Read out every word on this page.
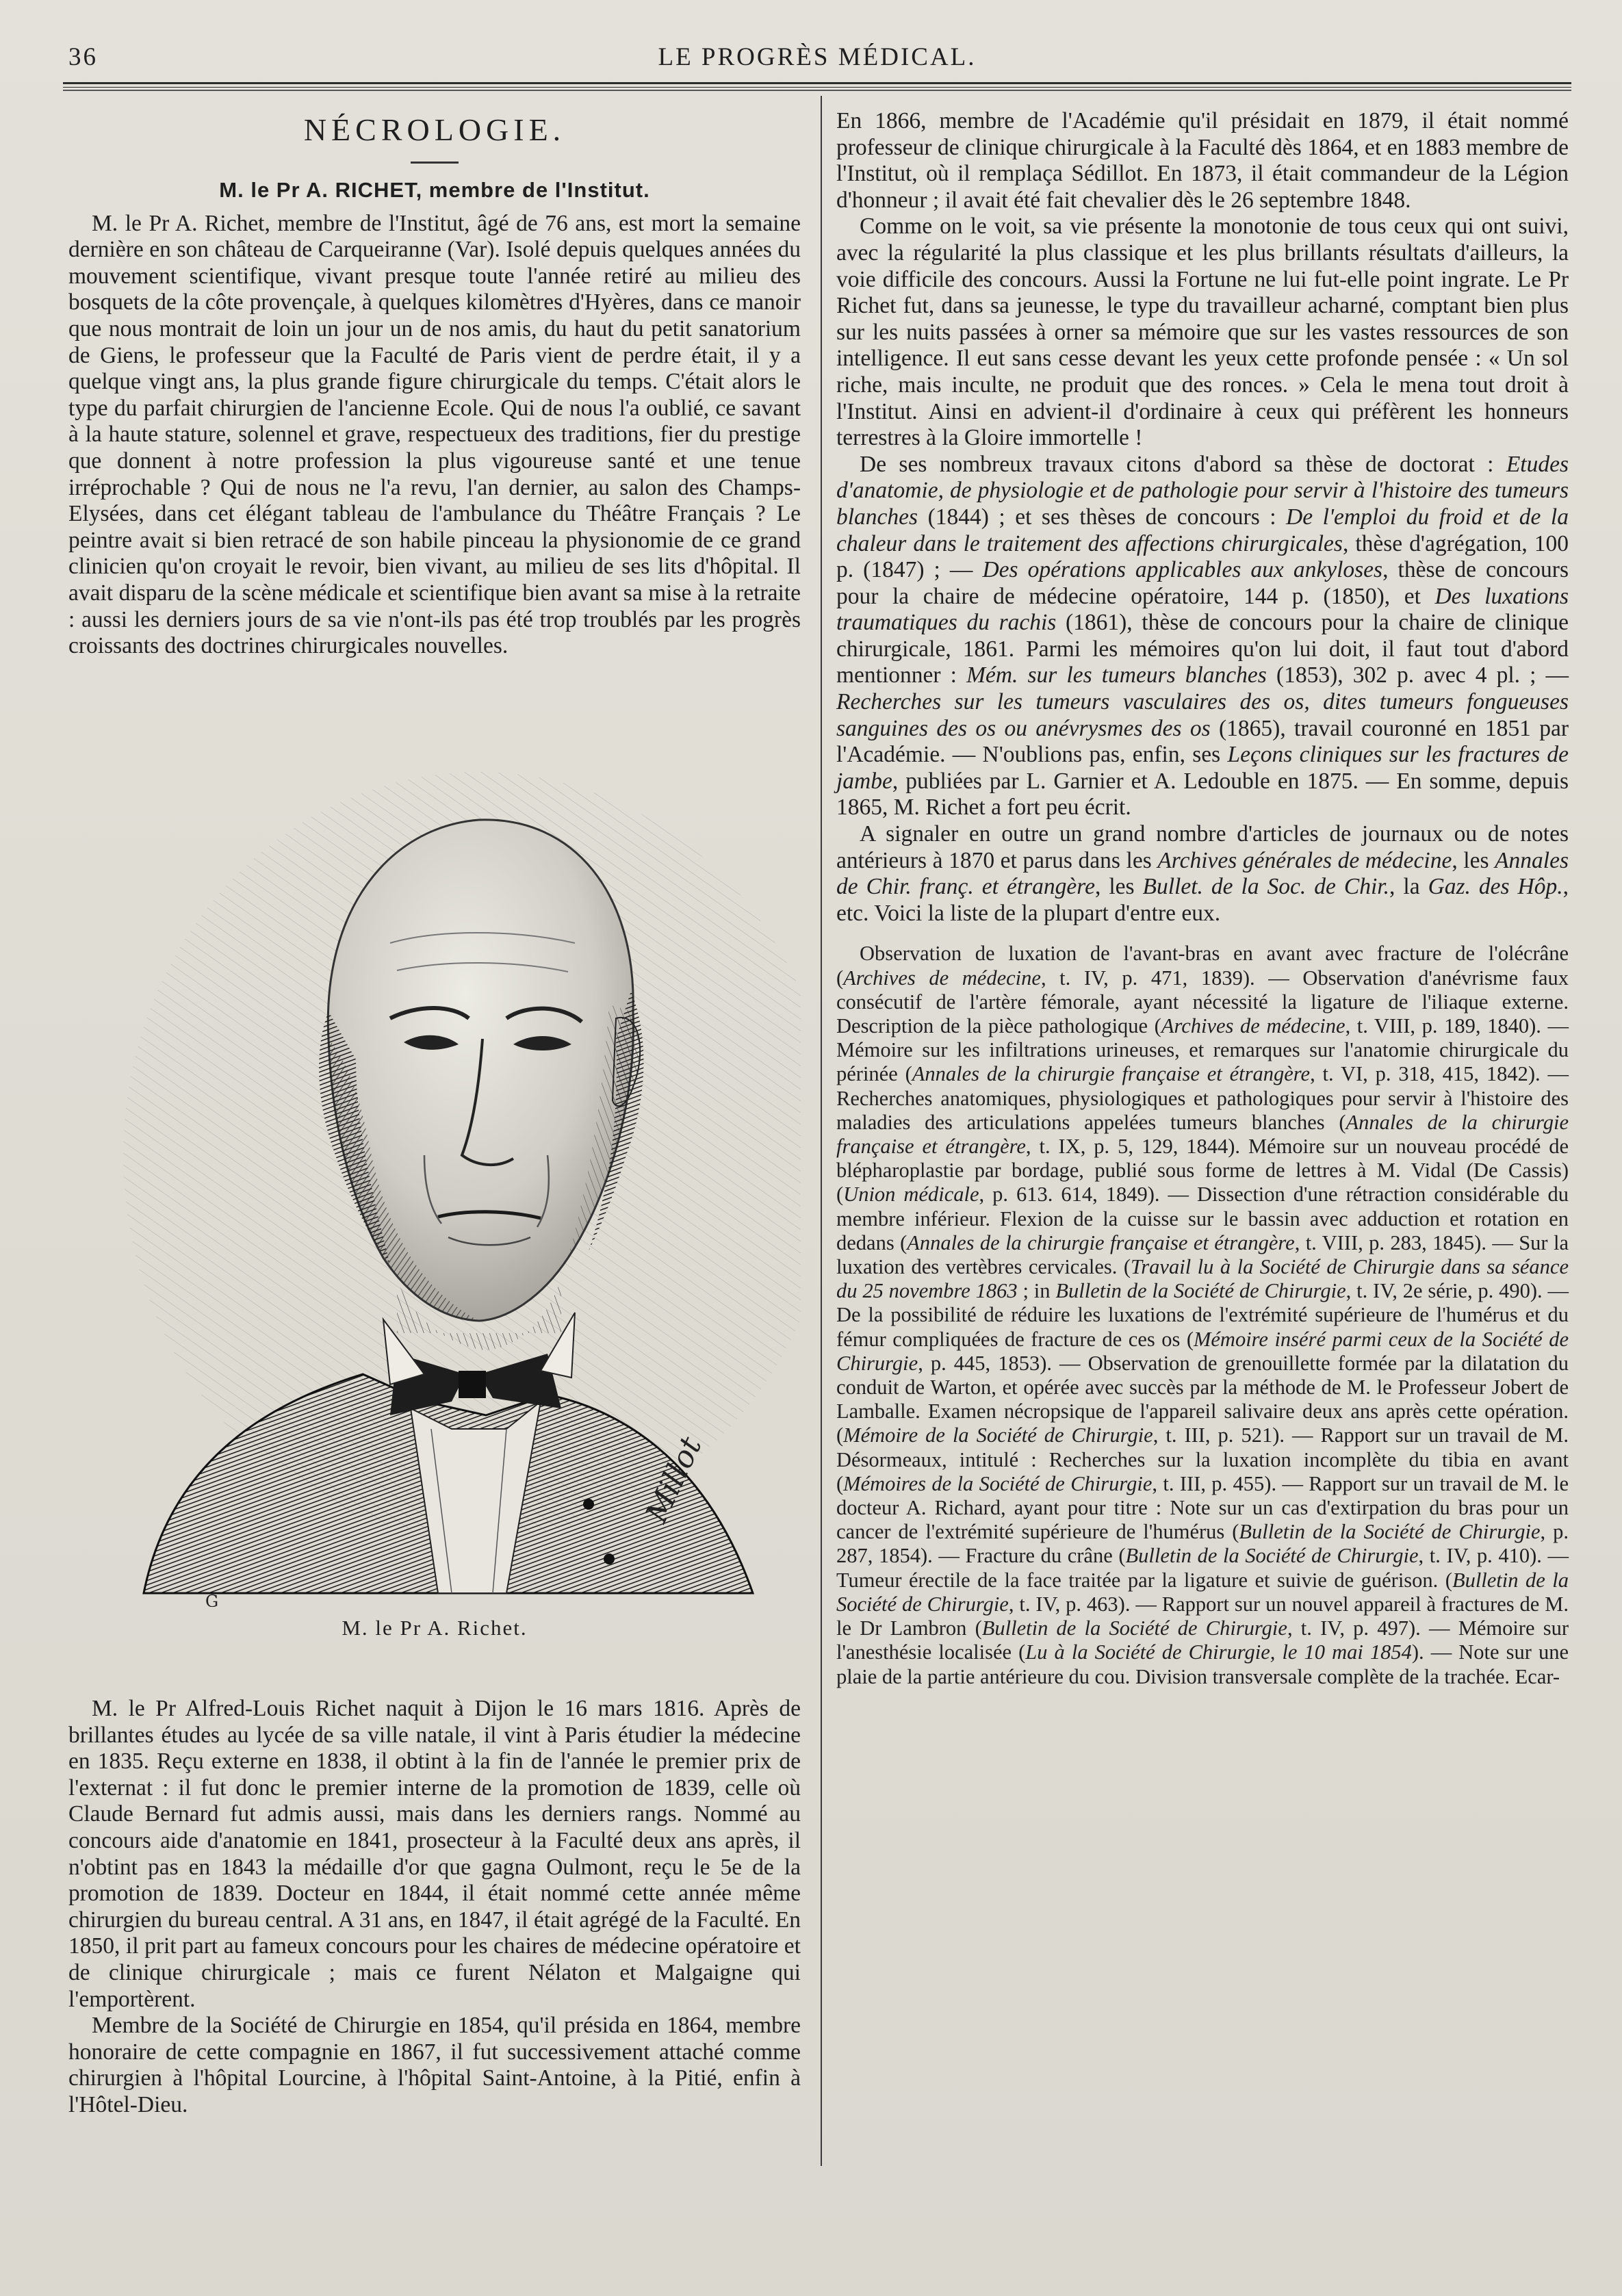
36	LE PROGRÈS MÉDICAL.
NÉCROLOGIE.
M. le Pr A. RICHET, membre de l'Institut.

M. le Pr A. Richet, membre de l'Institut, âgé de 76 ans, est mort la semaine dernière en son château de Carqueiranne (Var). Isolé depuis quelques années du mouvement scientifique, vivant presque toute l'année retiré au milieu des bosquets de la côte provençale, à quelques kilomètres d'Hyères, dans ce manoir que nous montrait de loin un jour un de nos amis, du haut du petit sanatorium de Giens, le professeur que la Faculté de Paris vient de perdre était, il y a quelque vingt ans, la plus grande figure chirurgicale du temps. C'était alors le type du parfait chirurgien de l'ancienne Ecole. Qui de nous l'a oublié, ce savant à la haute stature, solennel et grave, respectueux des traditions, fier du prestige que donnent à notre profession la plus vigoureuse santé et une tenue irréprochable ? Qui de nous ne l'a revu, l'an dernier, au salon des Champs-Elysées, dans cet élégant tableau de l'ambulance du Théâtre Français ? Le peintre avait si bien retracé de son habile pinceau la physionomie de ce grand clinicien qu'on croyait le revoir, bien vivant, au milieu de ses lits d'hôpital. Il avait disparu de la scène médicale et scientifique bien avant sa mise à la retraite : aussi les derniers jours de sa vie n'ont-ils pas été trop troublés par les progrès croissants des doctrines chirurgicales nouvelles.

Millot
G
M. le Pr A. Richet.

M. le Pr Alfred-Louis Richet naquit à Dijon le 16 mars 1816. Après de brillantes études au lycée de sa ville natale, il vint à Paris étudier la médecine en 1835. Reçu externe en 1838, il obtint à la fin de l'année le premier prix de l'externat : il fut donc le premier interne de la promotion de 1839, celle où Claude Bernard fut admis aussi, mais dans les derniers rangs. Nommé au concours aide d'anatomie en 1841, prosecteur à la Faculté deux ans après, il n'obtint pas en 1843 la médaille d'or que gagna Oulmont, reçu le 5e de la promotion de 1839. Docteur en 1844, il était nommé cette année même chirurgien du bureau central. A 31 ans, en 1847, il était agrégé de la Faculté. En 1850, il prit part au fameux concours pour les chaires de médecine opératoire et de clinique chirurgicale ; mais ce furent Nélaton et Malgaigne qui l'emportèrent.

Membre de la Société de Chirurgie en 1854, qu'il présida en 1864, membre honoraire de cette compagnie en 1867, il fut successivement attaché comme chirurgien à l'hôpital Lourcine, à l'hôpital Saint-Antoine, à la Pitié, enfin à l'Hôtel-Dieu.

En 1866, membre de l'Académie qu'il présidait en 1879, il était nommé professeur de clinique chirurgicale à la Faculté dès 1864, et en 1883 membre de l'Institut, où il remplaça Sédillot. En 1873, il était commandeur de la Légion d'honneur ; il avait été fait chevalier dès le 26 septembre 1848.

Comme on le voit, sa vie présente la monotonie de tous ceux qui ont suivi, avec la régularité la plus classique et les plus brillants résultats d'ailleurs, la voie difficile des concours. Aussi la Fortune ne lui fut-elle point ingrate. Le Pr Richet fut, dans sa jeunesse, le type du travailleur acharné, comptant bien plus sur les nuits passées à orner sa mémoire que sur les vastes ressources de son intelligence. Il eut sans cesse devant les yeux cette profonde pensée : « Un sol riche, mais inculte, ne produit que des ronces. » Cela le mena tout droit à l'Institut. Ainsi en advient-il d'ordinaire à ceux qui préfèrent les honneurs terrestres à la Gloire immortelle !

De ses nombreux travaux citons d'abord sa thèse de doctorat : Etudes d'anatomie, de physiologie et de pathologie pour servir à l'histoire des tumeurs blanches (1844) ; et ses thèses de concours : De l'emploi du froid et de la chaleur dans le traitement des affections chirurgicales, thèse d'agrégation, 100 p. (1847) ; — Des opérations applicables aux ankyloses, thèse de concours pour la chaire de médecine opératoire, 144 p. (1850), et Des luxations traumatiques du rachis (1861), thèse de concours pour la chaire de clinique chirurgicale, 1861. Parmi les mémoires qu'on lui doit, il faut tout d'abord mentionner : Mém. sur les tumeurs blanches (1853), 302 p. avec 4 pl. ; — Recherches sur les tumeurs vasculaires des os, dites tumeurs fongueuses sanguines des os ou anévrysmes des os (1865), travail couronné en 1851 par l'Académie. — N'oublions pas, enfin, ses Leçons cliniques sur les fractures de jambe, publiées par L. Garnier et A. Ledouble en 1875. — En somme, depuis 1865, M. Richet a fort peu écrit.

A signaler en outre un grand nombre d'articles de journaux ou de notes antérieurs à 1870 et parus dans les Archives générales de médecine, les Annales de Chir. franç. et étrangère, les Bullet. de la Soc. de Chir., la Gaz. des Hôp., etc. Voici la liste de la plupart d'entre eux.

Observation de luxation de l'avant-bras en avant avec fracture de l'olécrâne (Archives de médecine, t. IV, p. 471, 1839). — Observation d'anévrisme faux consécutif de l'artère fémorale, ayant nécessité la ligature de l'iliaque externe. Description de la pièce pathologique (Archives de médecine, t. VIII, p. 189, 1840). — Mémoire sur les infiltrations urineuses, et remarques sur l'anatomie chirurgicale du périnée (Annales de la chirurgie française et étrangère, t. VI, p. 318, 415, 1842). — Recherches anatomiques, physiologiques et pathologiques pour servir à l'histoire des maladies des articulations appelées tumeurs blanches (Annales de la chirurgie française et étrangère, t. IX, p. 5, 129, 1844). Mémoire sur un nouveau procédé de blépharoplastie par bordage, publié sous forme de lettres à M. Vidal (De Cassis) (Union médicale, p. 613. 614, 1849). — Dissection d'une rétraction considérable du membre inférieur. Flexion de la cuisse sur le bassin avec adduction et rotation en dedans (Annales de la chirurgie française et étrangère, t. VIII, p. 283, 1845). — Sur la luxation des vertèbres cervicales. (Travail lu à la Société de Chirurgie dans sa séance du 25 novembre 1863 ; in Bulletin de la Société de Chirurgie, t. IV, 2e série, p. 490). — De la possibilité de réduire les luxations de l'extrémité supérieure de l'humérus et du fémur compliquées de fracture de ces os (Mémoire inséré parmi ceux de la Société de Chirurgie, p. 445, 1853). — Observation de grenouillette formée par la dilatation du conduit de Warton, et opérée avec succès par la méthode de M. le Professeur Jobert de Lamballe. Examen nécropsique de l'appareil salivaire deux ans après cette opération. (Mémoire de la Société de Chirurgie, t. III, p. 521). — Rapport sur un travail de M. Désormeaux, intitulé : Recherches sur la luxation incomplète du tibia en avant (Mémoires de la Société de Chirurgie, t. III, p. 455). — Rapport sur un travail de M. le docteur A. Richard, ayant pour titre : Note sur un cas d'extirpation du bras pour un cancer de l'extrémité supérieure de l'humérus (Bulletin de la Société de Chirurgie, p. 287, 1854). — Fracture du crâne (Bulletin de la Société de Chirurgie, t. IV, p. 410). — Tumeur érectile de la face traitée par la ligature et suivie de guérison. (Bulletin de la Société de Chirurgie, t. IV, p. 463). — Rapport sur un nouvel appareil à fractures de M. le Dr Lambron (Bulletin de la Société de Chirurgie, t. IV, p. 497). — Mémoire sur l'anesthésie localisée (Lu à la Société de Chirurgie, le 10 mai 1854). — Note sur une plaie de la partie antérieure du cou. Division transversale complète de la trachée. Ecar-
